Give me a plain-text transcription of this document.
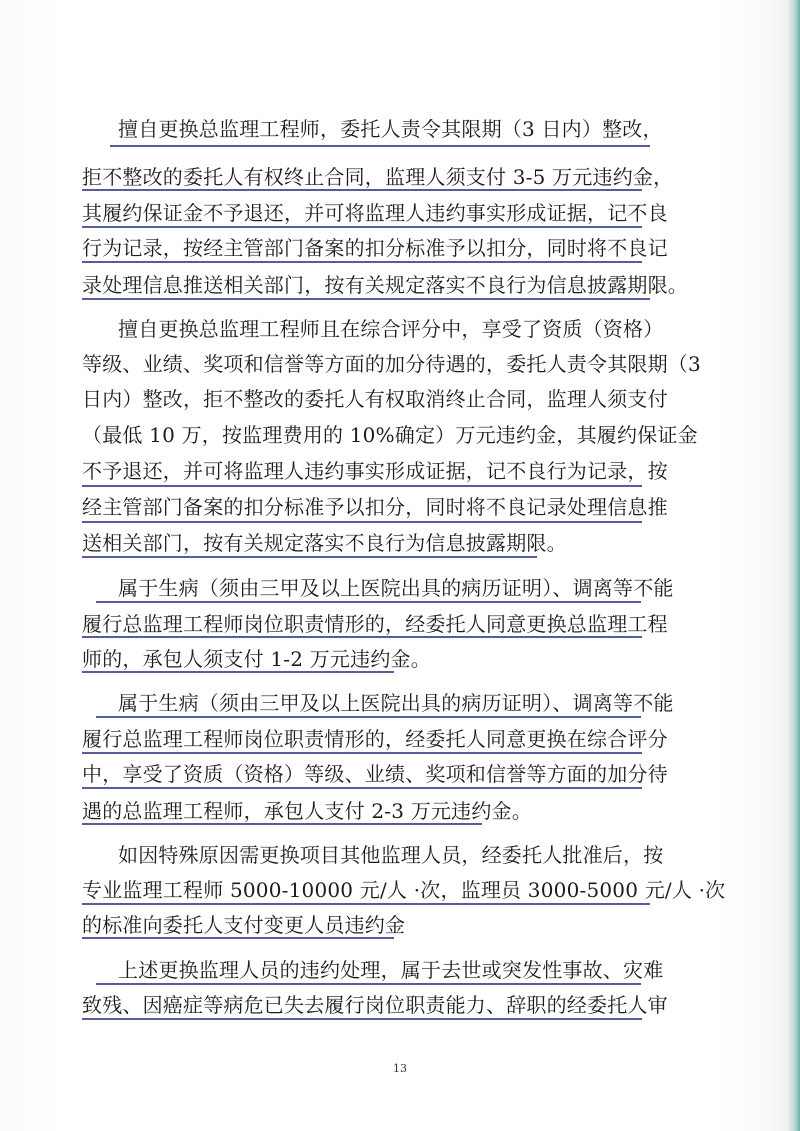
擅自更换总监理工程师，委托人责令其限期（3 日内）整改，
拒不整改的委托人有权终止合同，监理人须支付 3-5 万元违约金，
其履约保证金不予退还，并可将监理人违约事实形成证据，记不良
行为记录，按经主管部门备案的扣分标准予以扣分，同时将不良记
录处理信息推送相关部门，按有关规定落实不良行为信息披露期限。
擅自更换总监理工程师且在综合评分中，享受了资质（资格）
等级、业绩、奖项和信誉等方面的加分待遇的，委托人责令其限期（3
日内）整改，拒不整改的委托人有权取消终止合同，监理人须支付
（最低 10 万，按监理费用的 10%确定）万元违约金，其履约保证金
不予退还，并可将监理人违约事实形成证据，记不良行为记录，按
经主管部门备案的扣分标准予以扣分，同时将不良记录处理信息推
送相关部门，按有关规定落实不良行为信息披露期限。
属于生病（须由三甲及以上医院出具的病历证明）、调离等不能
履行总监理工程师岗位职责情形的，经委托人同意更换总监理工程
师的，承包人须支付 1-2 万元违约金。
属于生病（须由三甲及以上医院出具的病历证明）、调离等不能
履行总监理工程师岗位职责情形的，经委托人同意更换在综合评分
中，享受了资质（资格）等级、业绩、奖项和信誉等方面的加分待
遇的总监理工程师，承包人支付 2-3 万元违约金。
如因特殊原因需更换项目其他监理人员，经委托人批准后，按
专业监理工程师 5000-10000 元/人 ·次，监理员 3000-5000 元/人 ·次
的标准向委托人支付变更人员违约金
上述更换监理人员的违约处理，属于去世或突发性事故、灾难
致残、因癌症等病危已失去履行岗位职责能力、辞职的经委托人审
13
